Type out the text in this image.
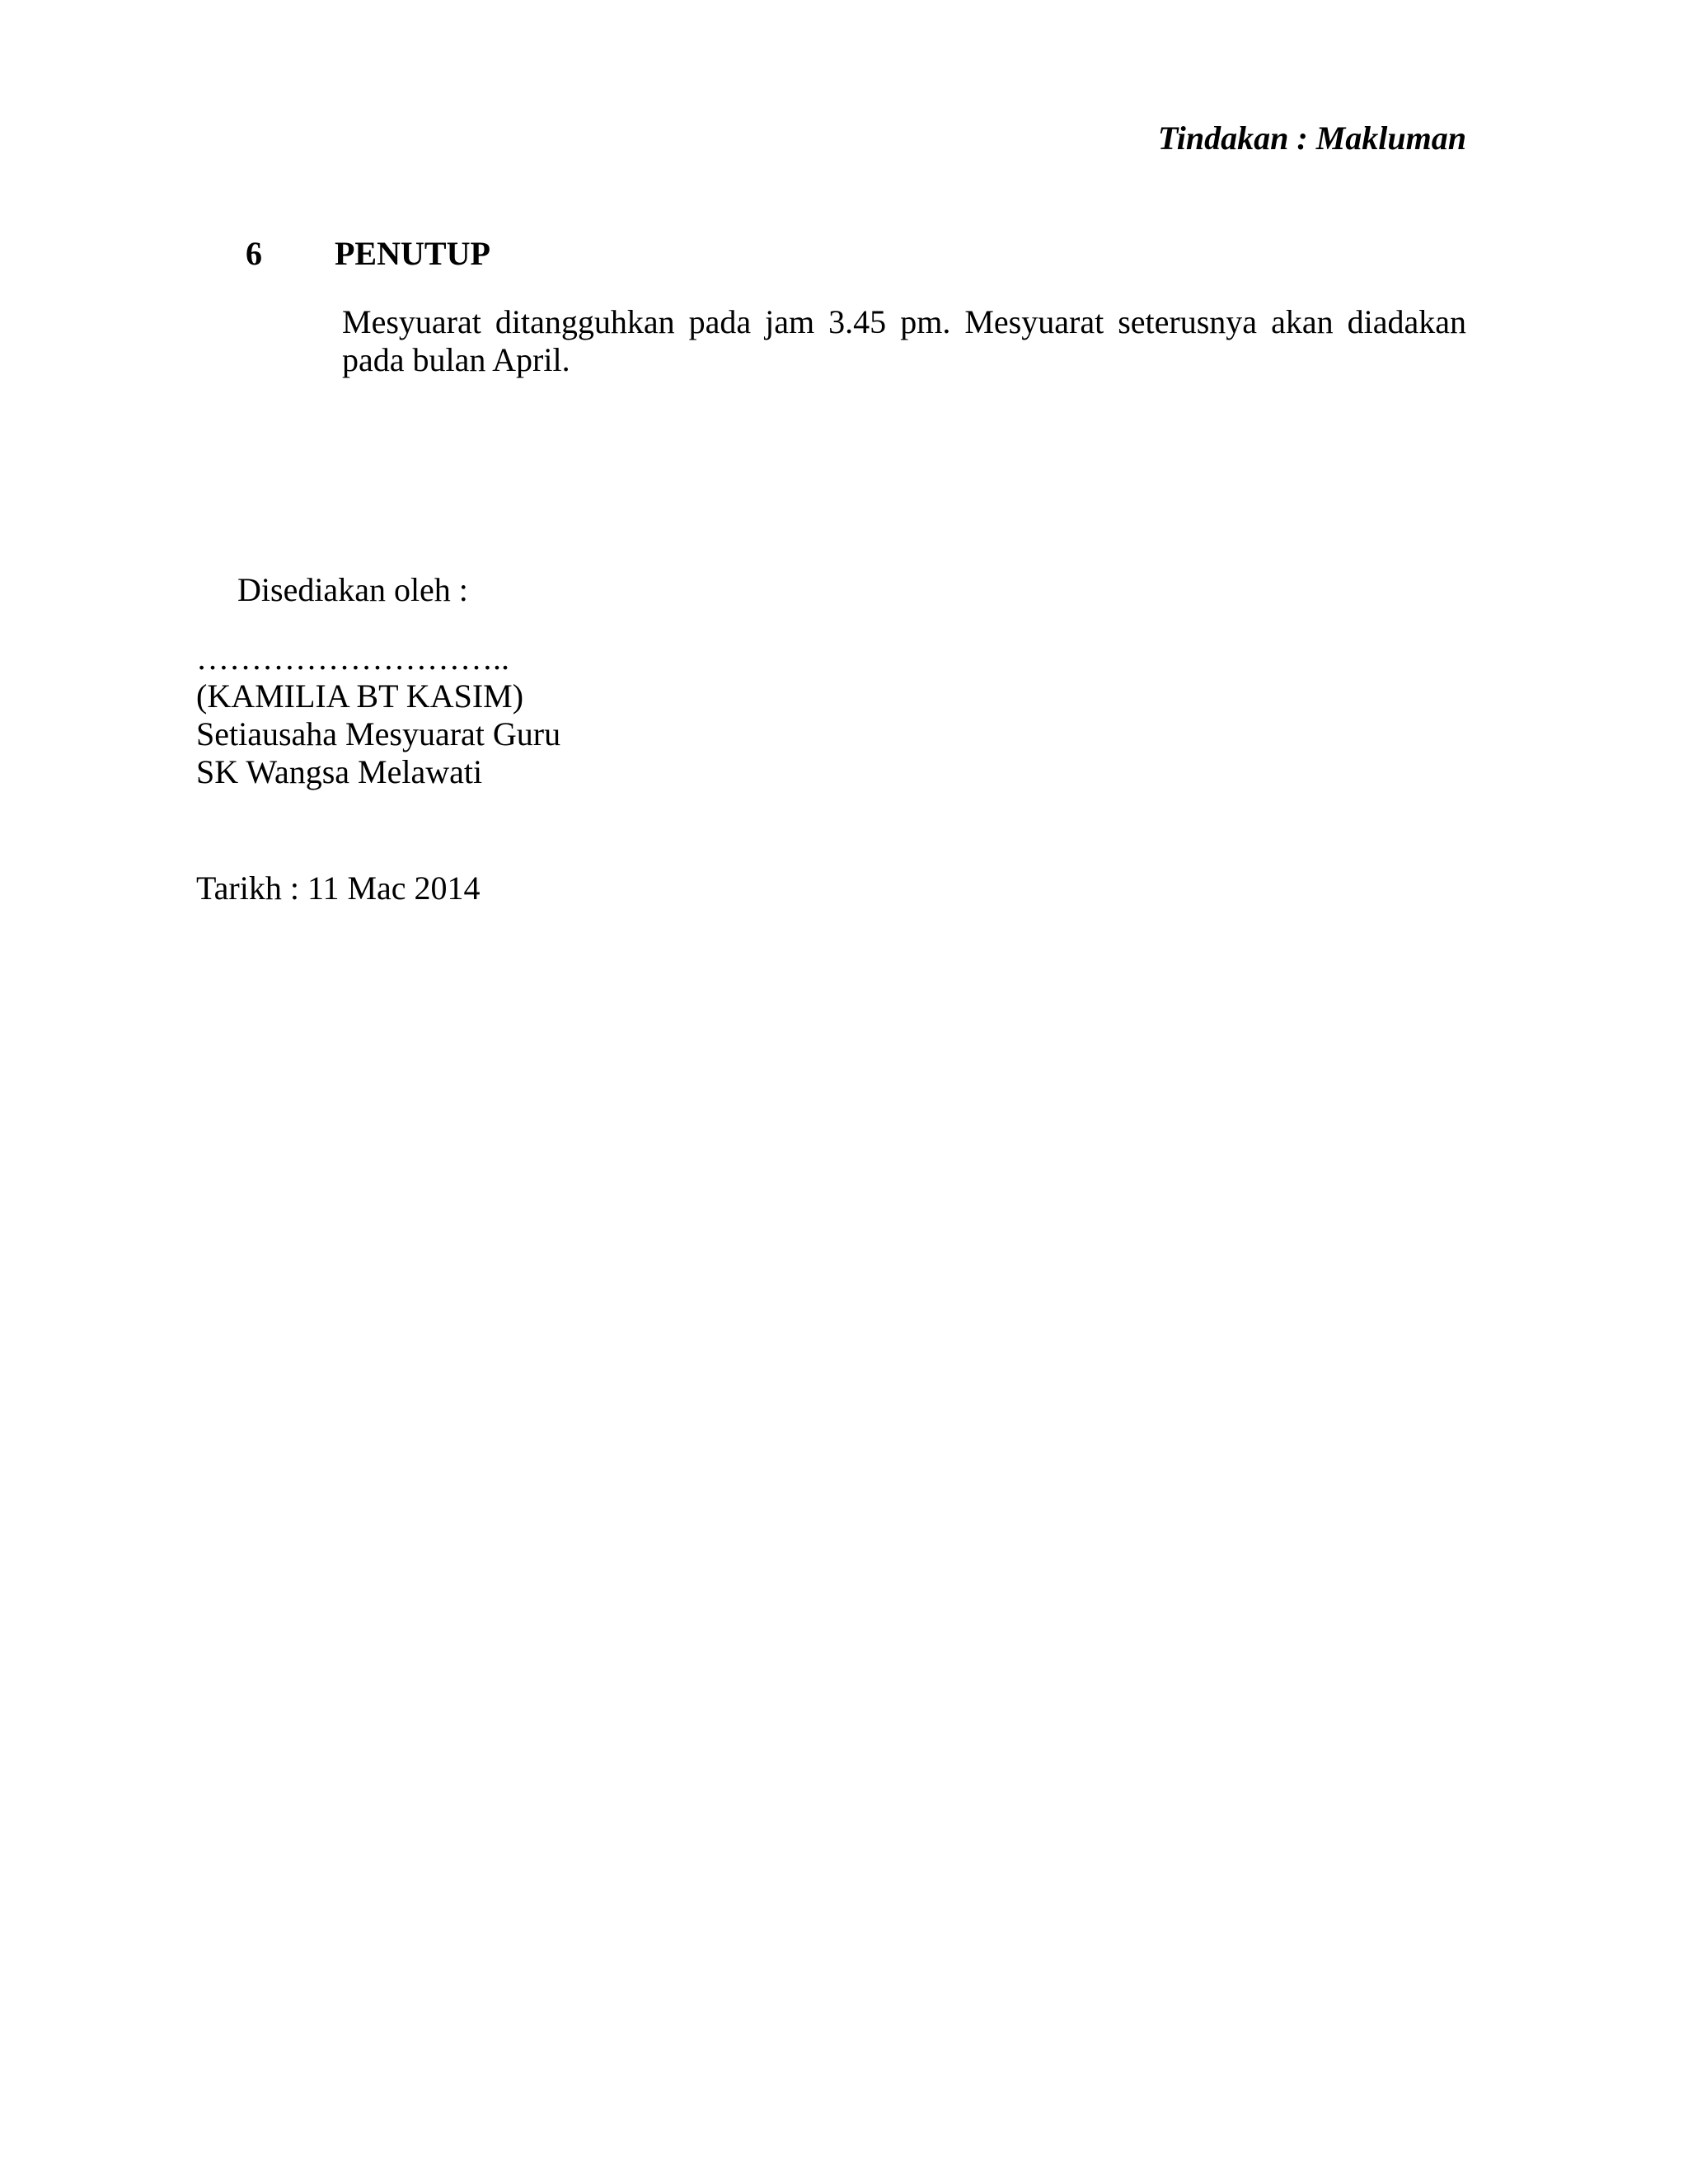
Tindakan : Makluman
6 PENUTUP
Mesyuarat ditangguhkan pada jam 3.45 pm. Mesyuarat seterusnya akan diadakan pada bulan April.
Disediakan oleh :
………………………..
(KAMILIA BT KASIM)
Setiausaha Mesyuarat Guru
SK Wangsa Melawati
Tarikh : 11 Mac 2014
